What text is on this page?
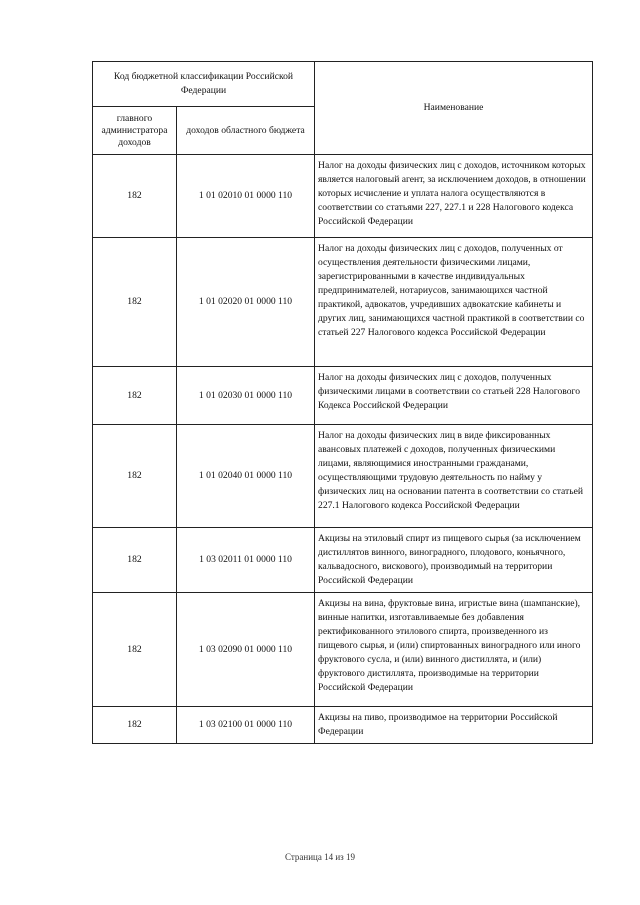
Код бюджетной классификации Российской Федерации		Наименование
главного администратора доходов	доходов областного бюджета	
182	1 01 02010 01 0000 110	Налог на доходы физических лиц с доходов, источником которых является налоговый агент, за исключением доходов, в отношении которых исчисление и уплата налога осуществляются в соответствии со статьями 227, 227.1 и 228 Налогового кодекса Российской Федерации
182	1 01 02020 01 0000 110	Налог на доходы физических лиц с доходов, полученных от осуществления деятельности физическими лицами, зарегистрированными в качестве индивидуальных предпринимателей, нотариусов, занимающихся частной практикой, адвокатов, учредивших адвокатские кабинеты и других лиц, занимающихся частной практикой в соответствии со статьей 227 Налогового кодекса Российской Федерации
182	1 01 02030 01 0000 110	Налог на доходы физических лиц с доходов, полученных физическими лицами в соответствии со статьей 228 Налогового Кодекса Российской Федерации
182	1 01 02040 01 0000 110	Налог на доходы физических лиц в виде фиксированных авансовых платежей с доходов, полученных физическими лицами, являющимися иностранными гражданами, осуществляющими трудовую деятельность по найму у физических лиц на основании патента в соответствии со статьей 227.1 Налогового кодекса Российской Федерации
182	1 03 02011 01 0000 110	Акцизы на этиловый спирт из пищевого сырья (за исключением дистиллятов винного, виноградного, плодового, коньячного, кальвадосного, вискового), производимый на территории Российской Федерации
182	1 03 02090 01 0000 110	Акцизы на вина, фруктовые вина, игристые вина (шампанские), винные напитки, изготавливаемые без добавления ректификованного этилового спирта, произведенного из пищевого сырья, и (или) спиртованных виноградного или иного фруктового сусла, и (или) винного дистиллята, и (или) фруктового дистиллята, производимые на территории Российской Федерации
182	1 03 02100 01 0000 110	Акцизы на пиво, производимое на территории Российской Федерации
Страница 14 из 19
